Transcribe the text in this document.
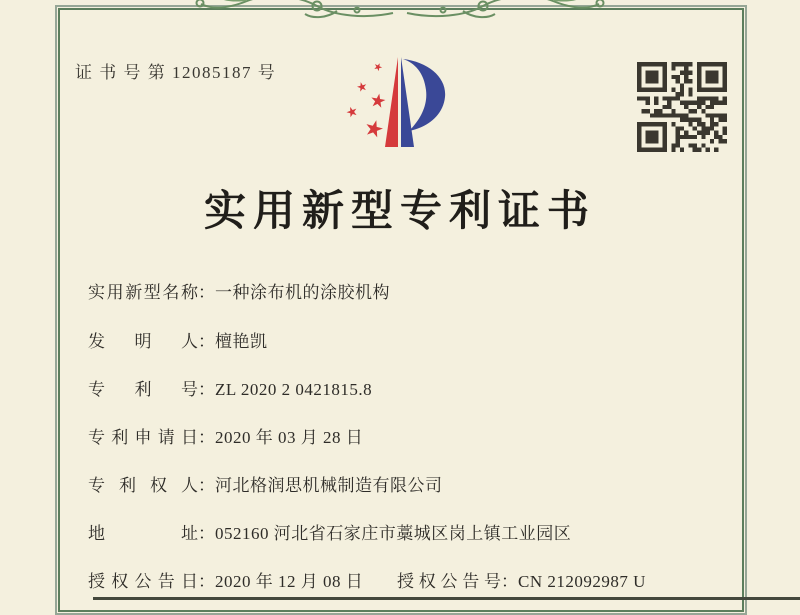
证 书 号 第 12085187 号
实用新型专利证书
实用新型名称：一种涂布机的涂胶机构
发 明 人：檀艳凯
专 利 号：ZL 2020 2 0421815.8
专利申请日：2020 年 03 月 28 日
专 利 权 人：河北格润思机械制造有限公司
地 址：052160 河北省石家庄市藁城区岗上镇工业园区
授权公告日：2020 年 12 月 08 日 授权公告号：CN 212092987 U
